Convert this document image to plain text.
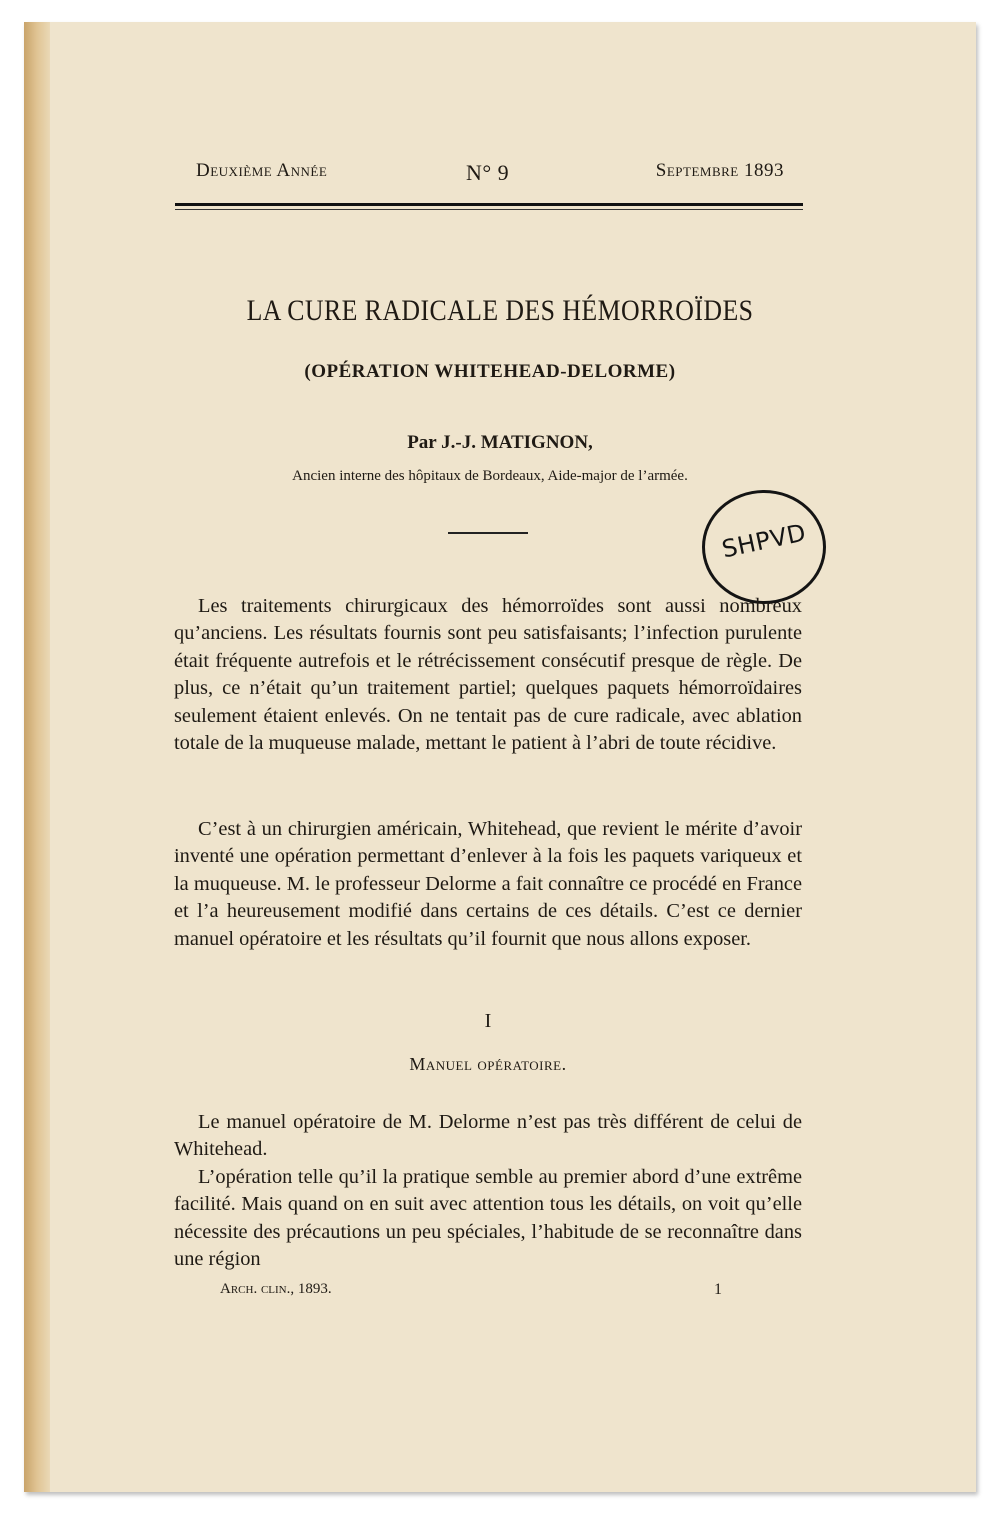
Deuxième Année	N° 9	Septembre 1893
LA CURE RADICALE DES HÉMORROÏDES
(OPÉRATION WHITEHEAD-DELORME)
Par J.-J. MATIGNON,
Ancien interne des hôpitaux de Bordeaux, Aide-major de l’armée.
SHPVD

Les traitements chirurgicaux des hémorroïdes sont aussi nombreux qu’anciens. Les résultats fournis sont peu satisfaisants; l’infection purulente était fréquente autrefois et le rétrécissement consécutif presque de règle. De plus, ce n’était qu’un traitement partiel; quelques paquets hémorroïdaires seulement étaient enlevés. On ne tentait pas de cure radicale, avec ablation totale de la muqueuse malade, mettant le patient à l’abri de toute récidive.

C’est à un chirurgien américain, Whitehead, que revient le mérite d’avoir inventé une opération permettant d’enlever à la fois les paquets variqueux et la muqueuse. M. le professeur Delorme a fait connaître ce procédé en France et l’a heureusement modifié dans certains de ces détails. C’est ce dernier manuel opératoire et les résultats qu’il fournit que nous allons exposer.

I
Manuel opératoire.

Le manuel opératoire de M. Delorme n’est pas très différent de celui de Whitehead.

L’opération telle qu’il la pratique semble au premier abord d’une extrême facilité. Mais quand on en suit avec attention tous les détails, on voit qu’elle nécessite des précautions un peu spéciales, l’habitude de se reconnaître dans une région

Arch. clin., 1893.	1
